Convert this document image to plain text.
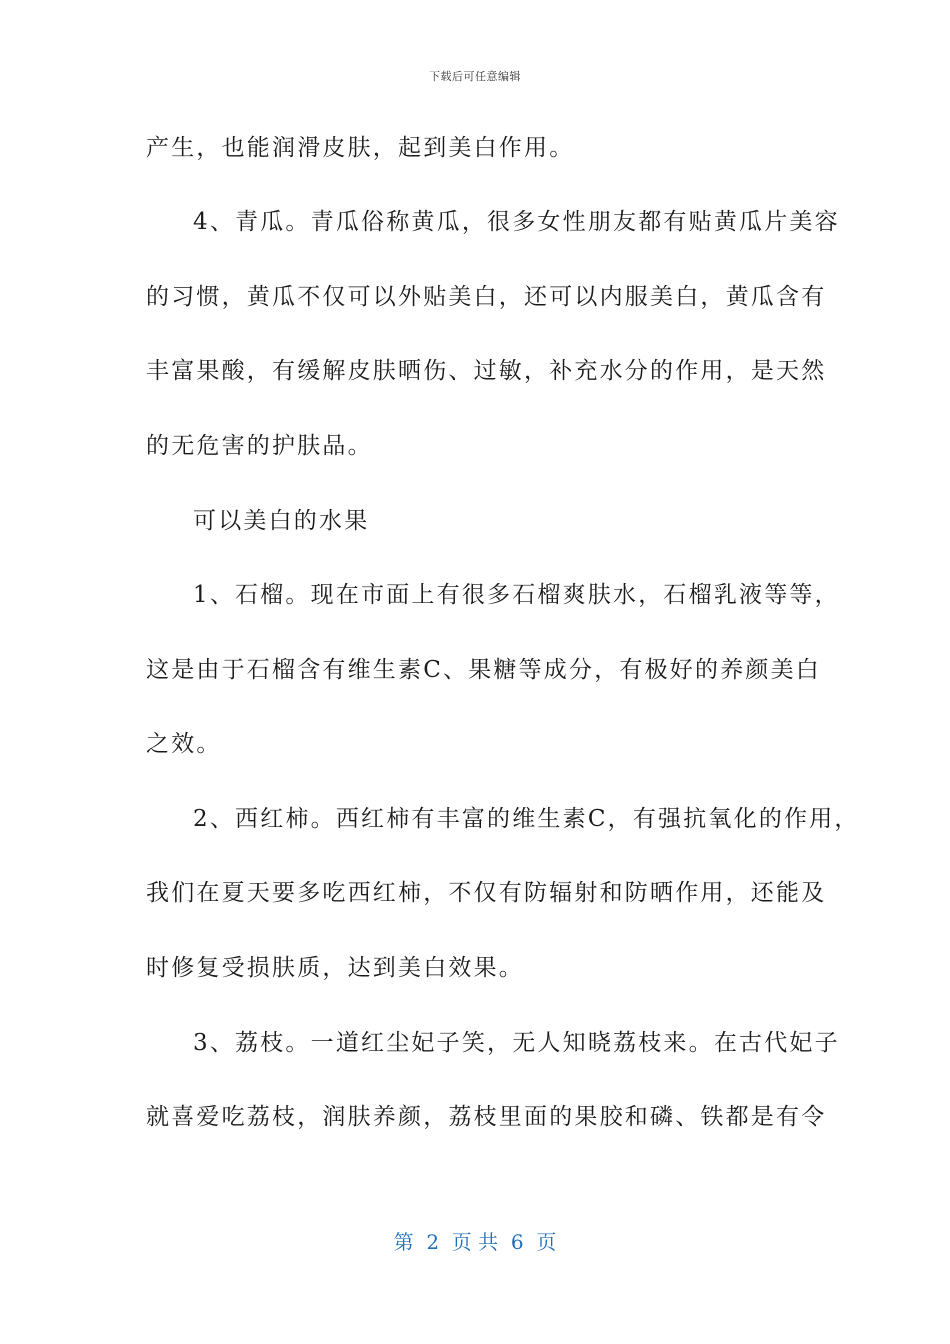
下载后可任意编辑
产生，也能润滑皮肤，起到美白作用。
4、青瓜。青瓜俗称黄瓜，很多女性朋友都有贴黄瓜片美容
的习惯，黄瓜不仅可以外贴美白，还可以内服美白，黄瓜含有
丰富果酸，有缓解皮肤晒伤、过敏，补充水分的作用，是天然
的无危害的护肤品。
可以美白的水果
1、石榴。现在市面上有很多石榴爽肤水，石榴乳液等等，
这是由于石榴含有维生素C、果糖等成分，有极好的养颜美白
之效。
2、西红柿。西红柿有丰富的维生素C，有强抗氧化的作用，
我们在夏天要多吃西红柿，不仅有防辐射和防晒作用，还能及
时修复受损肤质，达到美白效果。
3、荔枝。一道红尘妃子笑，无人知晓荔枝来。在古代妃子
就喜爱吃荔枝，润肤养颜，荔枝里面的果胶和磷、铁都是有令
第  2  页 共  6  页
